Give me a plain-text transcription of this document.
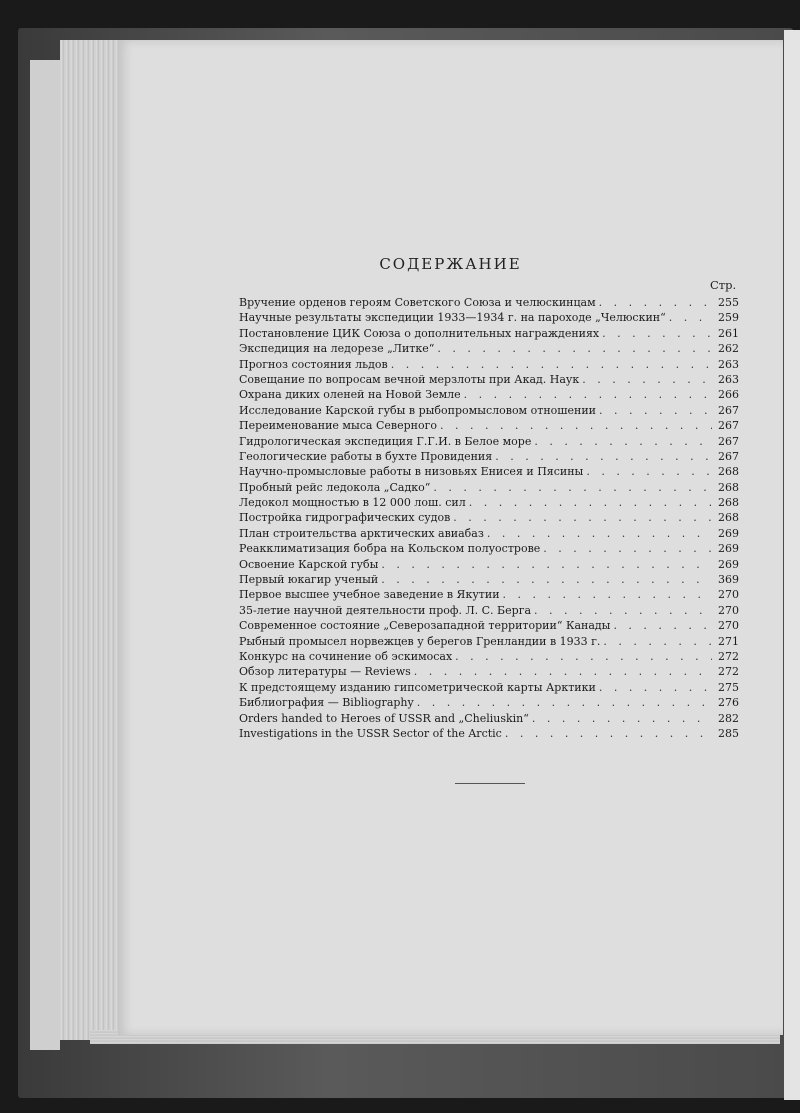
СОДЕРЖАНИЕ
Стр.
Вручение орденов героям Советского Союза и челюскинцам . . .	255
Научные результаты экспедиции 1933—1934 г. на пароходе „Челюскин“ . . .	259
Постановление ЦИК Союза о дополнительных награждениях . . .	261
Экспедиция на ледорезе „Литке“ . . .	262
Прогноз состояния льдов . . .	263
Совещание по вопросам вечной мерзлоты при Акад. Наук . . .	263
Охрана диких оленей на Новой Земле . . .	266
Исследование Карской губы в рыбопромысловом отношении . . .	267
Переименование мыса Северного . . .	267
Гидрологическая экспедиция Г.Г.И. в Белое море . . .	267
Геологические работы в бухте Провидения . . .	267
Научно-промысловые работы в низовьях Енисея и Пясины . . .	268
Пробный рейс ледокола „Садко“ . . .	268
Ледокол мощностью в 12 000 лош. сил . . .	268
Постройка гидрографических судов . . .	268
План строительства арктических авиабаз . . .	269
Реакклиматизация бобра на Кольском полуострове . . .	269
Освоение Карской губы . . .	269
Первый юкагир ученый . . .	369
Первое высшее учебное заведение в Якутии . . .	270
35-летие научной деятельности проф. Л. С. Берга . . .	270
Современное состояние „Северозападной территории“ Канады . . .	270
Рыбный промысел норвежцев у берегов Гренландии в 1933 г. . . .	271
Конкурс на сочинение об эскимосах . . .	272
Обзор литературы — Reviews . . .	272
К предстоящему изданию гипсометрической карты Арктики . . .	275
Библиография — Bibliography . . .	276
Orders handed to Heroes of USSR and „Cheliuskin“ . . .	282
Investigations in the USSR Sector of the Arctic . . .	285
